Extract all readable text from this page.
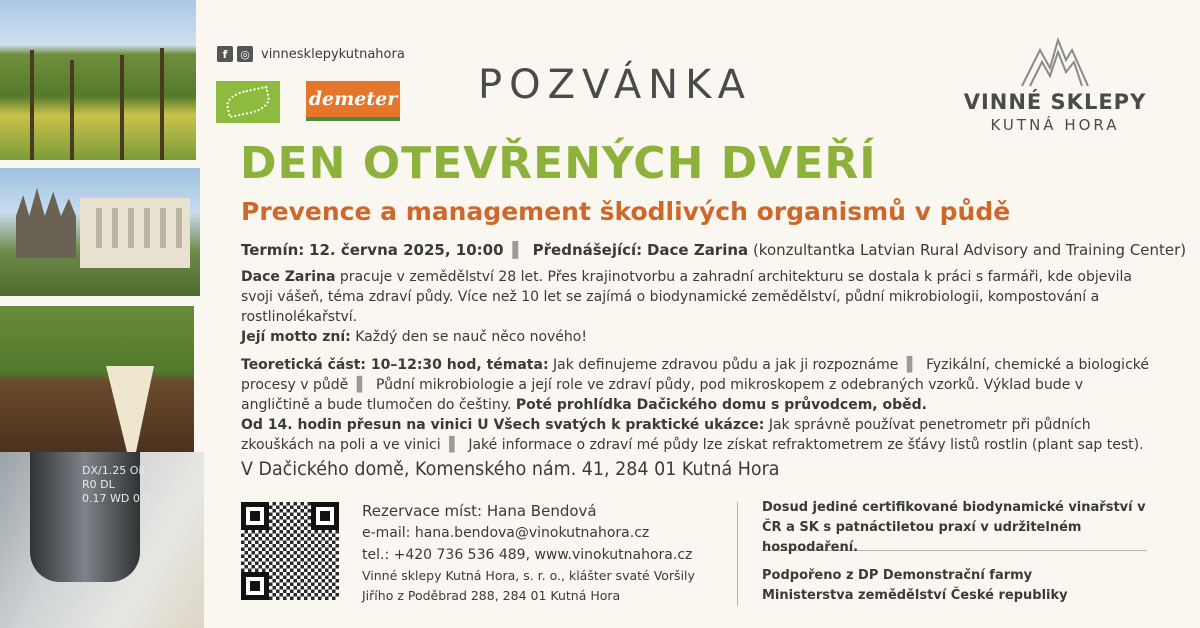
DX/1.25 Oil
R0 DL
0.17 WD 0.2
f	◎ vinnesklepykutnahora
demeter POZVÁNKA	VINNÉ SKLEPY
KUTNÁ HORA
DEN OTEVŘENÝCH DVEŘÍ
Prevence a management škodlivých organismů v půdě

Termín: 12. června 2025, 10:00 ▌ Přednášející: Dace Zarina (konzultantka Latvian Rural Advisory and Training Center)

Dace Zarina pracuje v zemědělství 28 let. Přes krajinotvorbu a zahradní architekturu se dostala k práci s farmáři, kde objevila svoji vášeň, téma zdraví půdy. Více než 10 let se zajímá o biodynamické zemědělství, půdní mikrobiologii, kompostování a rostlinolékařství.

Její motto zní: Každý den se nauč něco nového!

Teoretická část: 10–12:30 hod, témata: Jak definujeme zdravou půdu a jak ji rozpoznáme ▌ Fyzikální, chemické a biologické procesy v půdě ▌ Půdní mikrobiologie a její role ve zdraví půdy, pod mikroskopem z odebraných vzorků. Výklad bude v angličtině a bude tlumočen do češtiny. Poté prohlídka Dačického domu s průvodcem, oběd.

Od 14. hodin přesun na vinici U Všech svatých k praktické ukázce: Jak správně používat penetrometr při půdních zkouškách na poli a ve vinici ▌ Jaké informace o zdraví mé půdy lze získat refraktometrem ze šťávy listů rostlin (plant sap test).

V Dačického domě, Komenského nám. 41, 284 01 Kutná Hora
Rezervace míst: Hana Bendová
e-mail: hana.bendova@vinokutnahora.cz
tel.: +420 736 536 489, www.vinokutnahora.cz
Vinné sklepy Kutná Hora, s. r. o., klášter svaté Voršily
Jiřího z Poděbrad 288, 284 01 Kutná Hora
Dosud jediné certifikované biodynamické vinařství v ČR a SK s patnáctiletou praxí v udržitelném hospodaření.
Podpořeno z DP Demonstrační farmy
Ministerstva zemědělství České republiky
